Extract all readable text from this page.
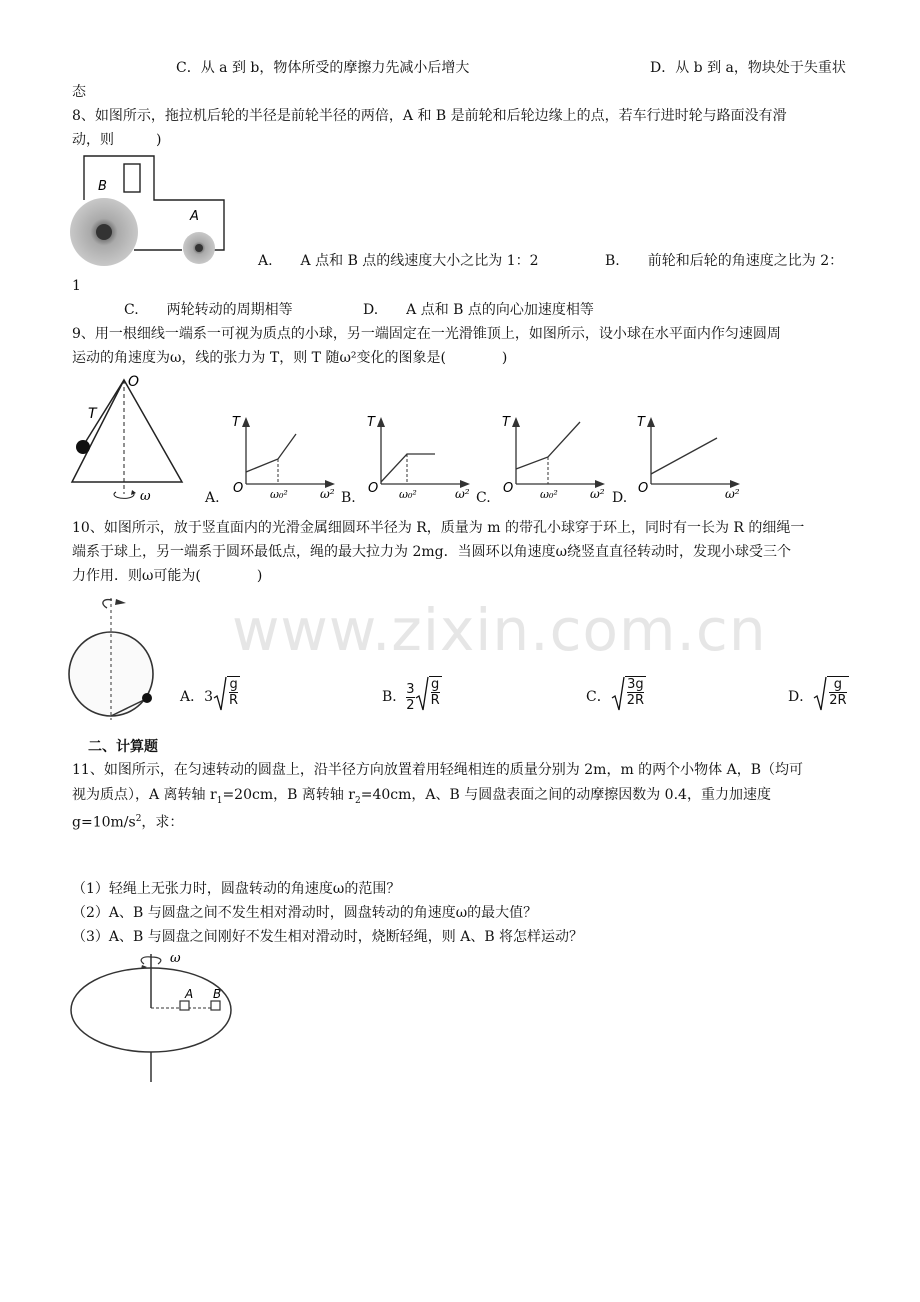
www.zixin.com.cn
C．从 a 到 b，物体所受的摩擦力先减小后增大	D．从 b 到 a，物块处于失重状
态
8、如图所示，拖拉机后轮的半径是前轮半径的两倍，A 和 B 是前轮和后轮边缘上的点，若车行进时轮与路面没有滑
动，则　　　)
B
A
A.　　A 点和 B 点的线速度大小之比为 1：2	B.　　前轮和后轮的角速度之比为 2：
1
C.　　两轮转动的周期相等	D.　　A 点和 B 点的向心加速度相等
9、用一根细线一端系一可视为质点的小球，另一端固定在一光滑锥顶上，如图所示，设小球在水平面内作匀速圆周
运动的角速度为ω，线的张力为 T，则 T 随ω²变化的图象是(　　　　)
O
T
ω	ω₀²
T
O	ω²
A.	ω₀²
T
O	ω²
B.	ω₀²
T
O	ω²
C.
T
O	ω²
D.
10、如图所示，放于竖直面内的光滑金属细圆环半径为 R，质量为 m 的带孔小球穿于环上，同时有一长为 R 的细绳一
端系于球上，另一端系于圆环最低点，绳的最大拉力为 2mg．当圆环以角速度ω绕竖直直径转动时，发现小球受三个
力作用．则ω可能为(　　　　)
A．$3 \frac{g}{R}$	B． $\frac{3}{2} \frac{g}{R}$	C． $\frac{3g}{2R}$	D． $\frac{g}{2R}$
二、计算题
11、如图所示，在匀速转动的圆盘上，沿半径方向放置着用轻绳相连的质量分别为 2m，m 的两个小物体 A，B（均可
视为质点），A 离转轴 $r_1=20cm$，B 离转轴 $r_2=40cm$，A、B 与圆盘表面之间的动摩擦因数为 0.4，重力加速度
$g=10m/s^2$，求：
（1）轻绳上无张力时，圆盘转动的角速度ω的范围？
（2）A、B 与圆盘之间不发生相对滑动时，圆盘转动的角速度ω的最大值？
（3）A、B 与圆盘之间刚好不发生相对滑动时，烧断轻绳，则 A、B 将怎样运动？
ω
A B
